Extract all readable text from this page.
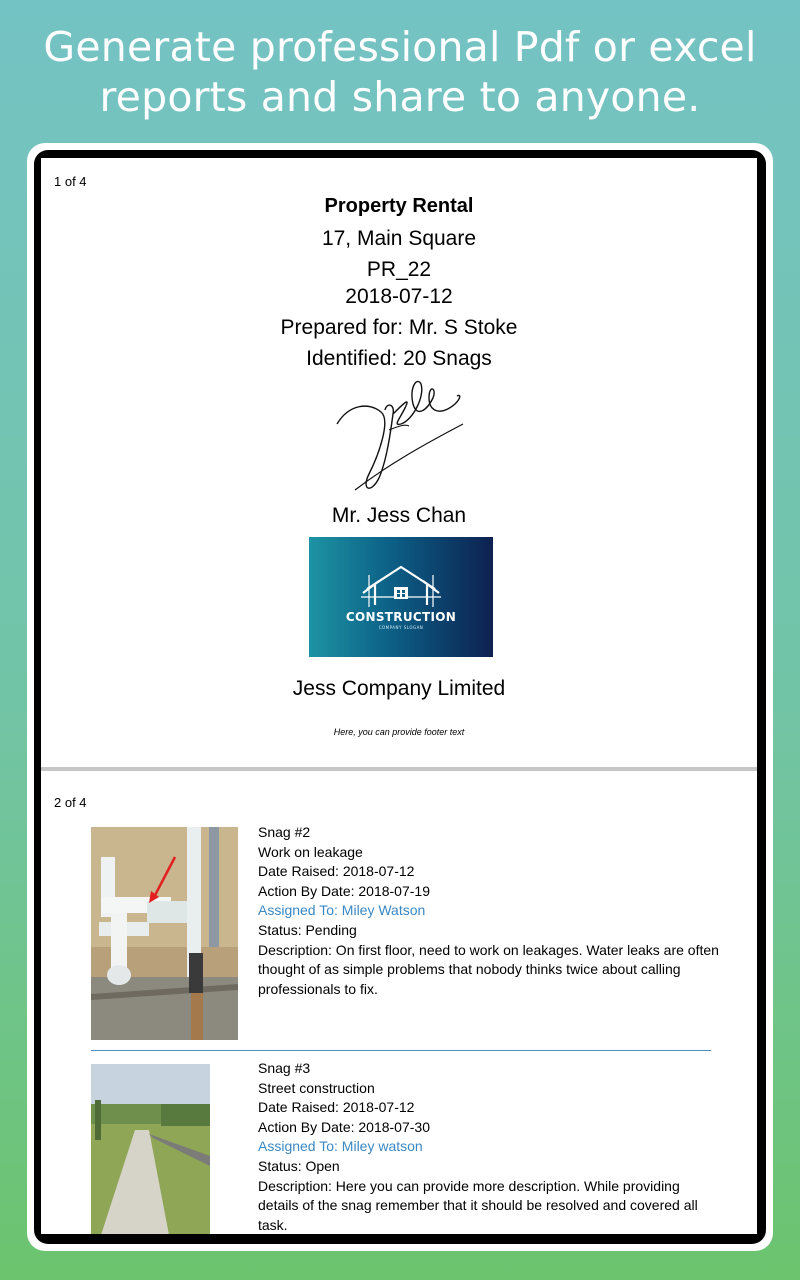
Generate professional Pdf or excel
reports and share to anyone.
1 of 4
Property Rental
17, Main Square
PR_22
2018-07-12
Prepared for: Mr. S Stoke
Identified: 20 Snags
Mr. Jess Chan
CONSTRUCTION
COMPANY SLOGAN
Jess Company Limited
Here, you can provide footer text
2 of 4
Snag #2
Work on leakage
Date Raised: 2018-07-12
Action By Date: 2018-07-19
Assigned To: Miley Watson
Status: Pending
Description: On first floor, need to work on leakages. Water leaks are often thought of as simple problems that nobody thinks twice about calling professionals to fix.
Snag #3
Street construction
Date Raised: 2018-07-12
Action By Date: 2018-07-30
Assigned To: Miley watson
Status: Open
Description: Here you can provide more description. While providing details of the snag remember that it should be resolved and covered all task.
